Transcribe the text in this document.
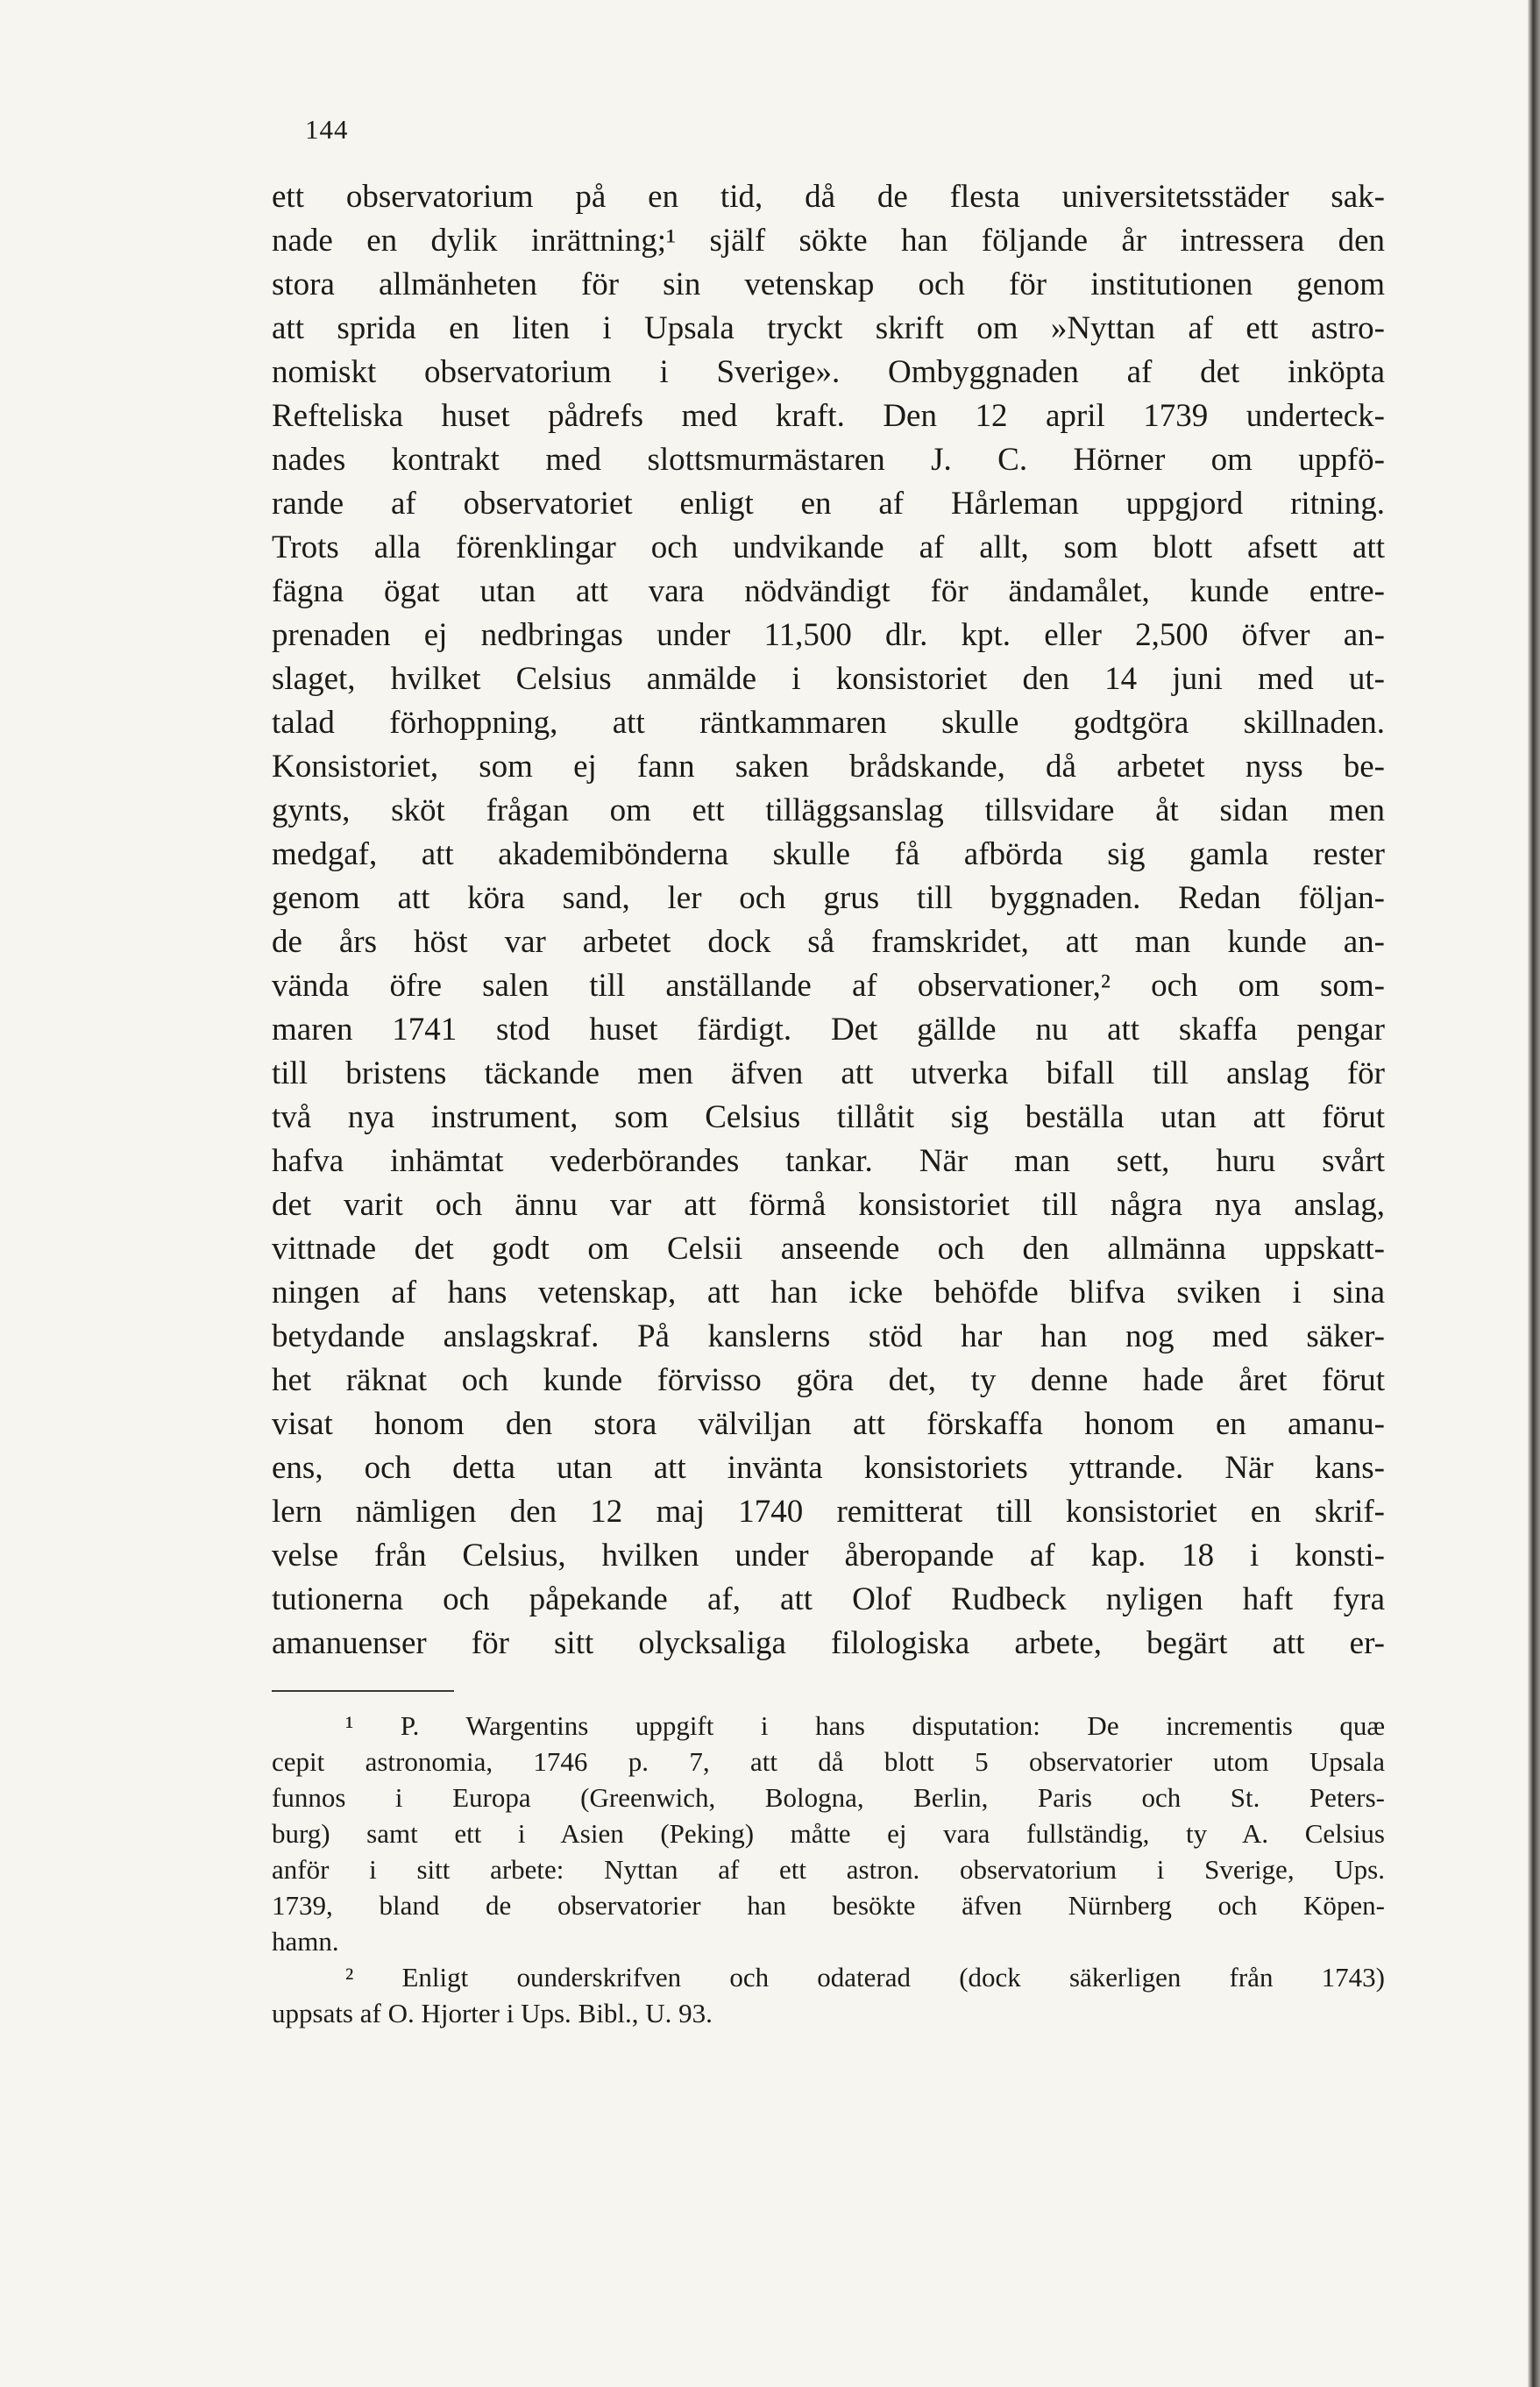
144
ett observatorium på en tid, då de flesta universitetsstäder sak-
nade en dylik inrättning;¹ själf sökte han följande år intressera den
stora allmänheten för sin vetenskap och för institutionen genom
att sprida en liten i Upsala tryckt skrift om »Nyttan af ett astro-
nomiskt observatorium i Sverige». Ombyggnaden af det inköpta
Refteliska huset pådrefs med kraft. Den 12 april 1739 underteck-
nades kontrakt med slottsmurmästaren J. C. Hörner om uppfö-
rande af observatoriet enligt en af Hårleman uppgjord ritning.
Trots alla förenklingar och undvikande af allt, som blott afsett att
fägna ögat utan att vara nödvändigt för ändamålet, kunde entre-
prenaden ej nedbringas under 11,500 dlr. kpt. eller 2,500 öfver an-
slaget, hvilket Celsius anmälde i konsistoriet den 14 juni med ut-
talad förhoppning, att räntkammaren skulle godtgöra skillnaden.
Konsistoriet, som ej fann saken brådskande, då arbetet nyss be-
gynts, sköt frågan om ett tilläggsanslag tillsvidare åt sidan men
medgaf, att akademibönderna skulle få afbörda sig gamla rester
genom att köra sand, ler och grus till byggnaden. Redan följan-
de års höst var arbetet dock så framskridet, att man kunde an-
vända öfre salen till anställande af observationer,² och om som-
maren 1741 stod huset färdigt. Det gällde nu att skaffa pengar
till bristens täckande men äfven att utverka bifall till anslag för
två nya instrument, som Celsius tillåtit sig beställa utan att förut
hafva inhämtat vederbörandes tankar. När man sett, huru svårt
det varit och ännu var att förmå konsistoriet till några nya anslag,
vittnade det godt om Celsii anseende och den allmänna uppskatt-
ningen af hans vetenskap, att han icke behöfde blifva sviken i sina
betydande anslagskraf. På kanslerns stöd har han nog med säker-
het räknat och kunde förvisso göra det, ty denne hade året förut
visat honom den stora välviljan att förskaffa honom en amanu-
ens, och detta utan att invänta konsistoriets yttrande. När kans-
lern nämligen den 12 maj 1740 remitterat till konsistoriet en skrif-
velse från Celsius, hvilken under åberopande af kap. 18 i konsti-
tutionerna och påpekande af, att Olof Rudbeck nyligen haft fyra
amanuenser för sitt olycksaliga filologiska arbete, begärt att er-
¹ P. Wargentins uppgift i hans disputation: De incrementis quæ
cepit astronomia, 1746 p. 7, att då blott 5 observatorier utom Upsala
funnos i Europa (Greenwich, Bologna, Berlin, Paris och St. Peters-
burg) samt ett i Asien (Peking) måtte ej vara fullständig, ty A. Celsius
anför i sitt arbete: Nyttan af ett astron. observatorium i Sverige, Ups.
1739, bland de observatorier han besökte äfven Nürnberg och Köpen-
hamn.
² Enligt ounderskrifven och odaterad (dock säkerligen från 1743)
uppsats af O. Hjorter i Ups. Bibl., U. 93.
